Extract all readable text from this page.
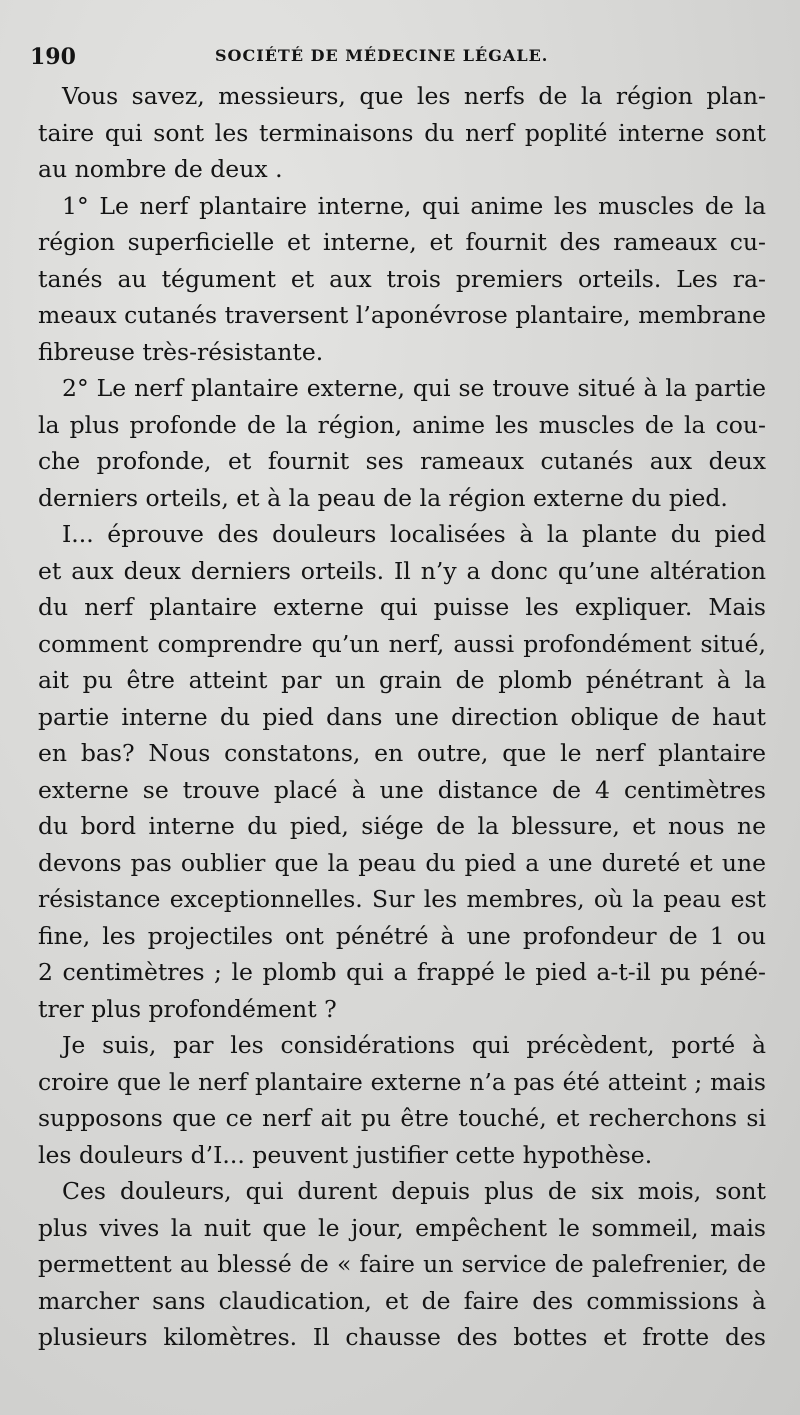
190	SOCIÉTÉ DE MÉDECINE LÉGALE.
Vous savez, messieurs, que les nerfs de la région plan-
taire qui sont les terminaisons du nerf poplité interne sont
au nombre de deux .
1° Le nerf plantaire interne, qui anime les muscles de la
région superficielle et interne, et fournit des rameaux cu-
tanés au tégument et aux trois premiers orteils. Les ra-
meaux cutanés traversent l’aponévrose plantaire, membrane
fibreuse très-résistante.
2° Le nerf plantaire externe, qui se trouve situé à la partie
la plus profonde de la région, anime les muscles de la cou-
che profonde, et fournit ses rameaux cutanés aux deux
derniers orteils, et à la peau de la région externe du pied.
I... éprouve des douleurs localisées à la plante du pied
et aux deux derniers orteils. Il n’y a donc qu’une altération
du nerf plantaire externe qui puisse les expliquer. Mais
comment comprendre qu’un nerf, aussi profondément situé,
ait pu être atteint par un grain de plomb pénétrant à la
partie interne du pied dans une direction oblique de haut
en bas? Nous constatons, en outre, que le nerf plantaire
externe se trouve placé à une distance de 4 centimètres
du bord interne du pied, siége de la blessure, et nous ne
devons pas oublier que la peau du pied a une dureté et une
résistance exceptionnelles. Sur les membres, où la peau est
fine, les projectiles ont pénétré à une profondeur de 1 ou
2 centimètres ; le plomb qui a frappé le pied a-t-il pu péné-
trer plus profondément ?
Je suis, par les considérations qui précèdent, porté à
croire que le nerf plantaire externe n’a pas été atteint ; mais
supposons que ce nerf ait pu être touché, et recherchons si
les douleurs d’I... peuvent justifier cette hypothèse.
Ces douleurs, qui durent depuis plus de six mois, sont
plus vives la nuit que le jour, empêchent le sommeil, mais
permettent au blessé de « faire un service de palefrenier, de
marcher sans claudication, et de faire des commissions à
plusieurs kilomètres. Il chausse des bottes et frotte des
